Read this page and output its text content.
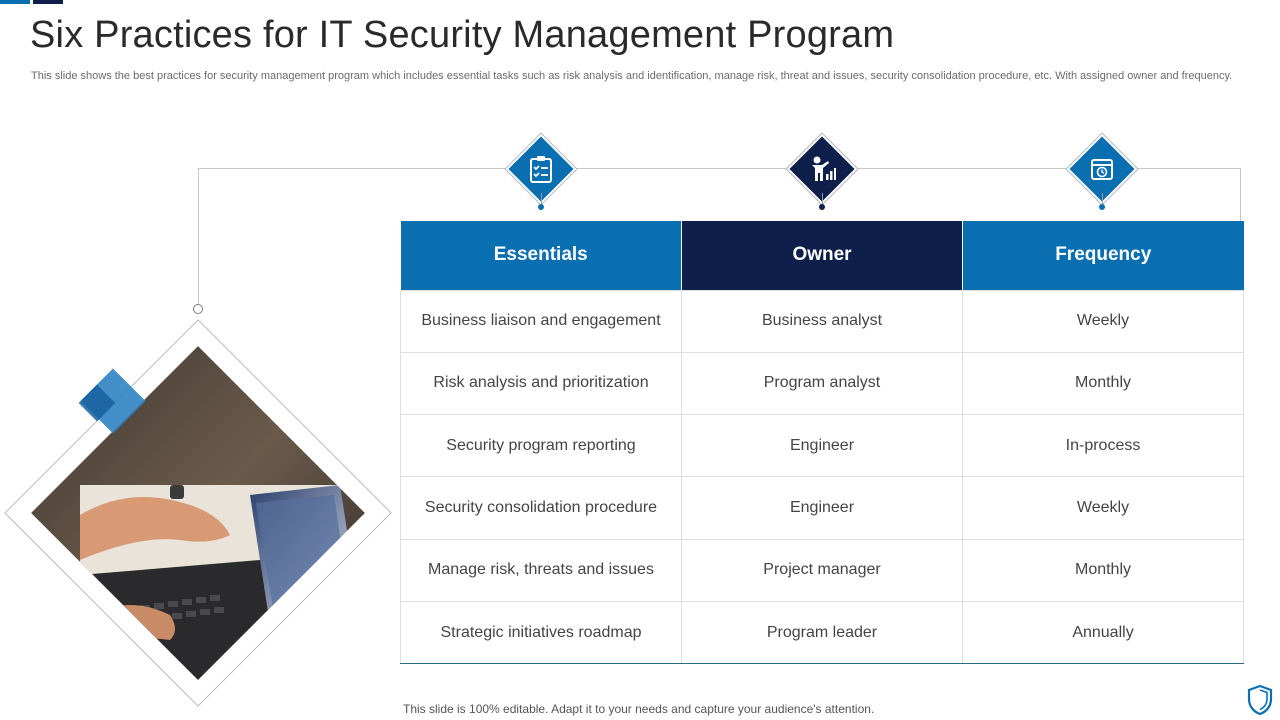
Six Practices for IT Security Management Program

This slide shows the best practices for security management program which includes essential tasks such as risk analysis and identification, manage risk, threat and issues, security consolidation procedure, etc. With assigned owner and frequency.

Essentials	Owner	Frequency
Business liaison and engagement	Business analyst	Weekly
Risk analysis and prioritization	Program analyst	Monthly
Security program reporting	Engineer	In-process
Security consolidation procedure	Engineer	Weekly
Manage risk, threats and issues	Project manager	Monthly
Strategic initiatives roadmap	Program leader	Annually

This slide is 100% editable. Adapt it to your needs and capture your audience's attention.
